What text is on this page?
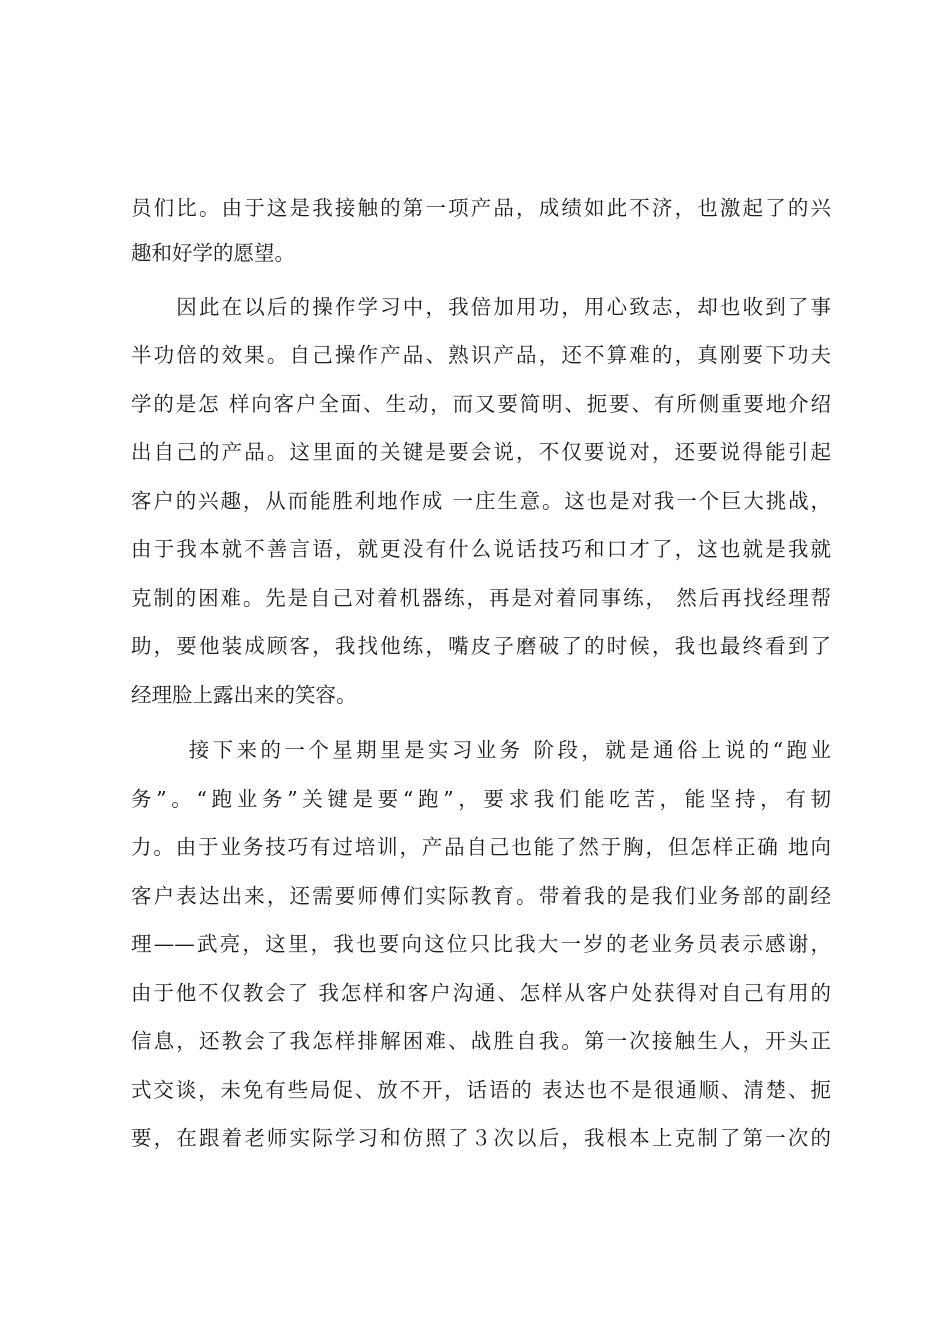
员们比。由于这是我接触的第一项产品，成绩如此不济，也激起了的兴
趣和好学的愿望。
　　因此在以后的操作学习中，我倍加用功，用心致志，却也收到了事
半功倍的效果。自己操作产品、熟识产品，还不算难的，真刚要下功夫
学的是怎 样向客户全面、生动，而又要简明、扼要、有所侧重要地介绍
出自己的产品。这里面的关键是要会说，不仅要说对，还要说得能引起
客户的兴趣，从而能胜利地作成 一庄生意。这也是对我一个巨大挑战，
由于我本就不善言语，就更没有什么说话技巧和口才了，这也就是我就
克制的困难。先是自己对着机器练，再是对着同事练， 然后再找经理帮
助，要他装成顾客，我找他练，嘴皮子磨破了的时候，我也最终看到了
经理脸上露出来的笑容。
　　 接下来的一个星期里是实习业务 阶段，就是通俗上说的“跑业
务”。“跑业务”关键是要“跑”，要求我们能吃苦，能坚持，有韧
力。由于业务技巧有过培训，产品自己也能了然于胸，但怎样正确 地向
客户表达出来，还需要师傅们实际教育。带着我的是我们业务部的副经
理——武亮，这里，我也要向这位只比我大一岁的老业务员表示感谢，
由于他不仅教会了 我怎样和客户沟通、怎样从客户处获得对自己有用的
信息，还教会了我怎样排解困难、战胜自我。第一次接触生人，开头正
式交谈，未免有些局促、放不开，话语的 表达也不是很通顺、清楚、扼
要，在跟着老师实际学习和仿照了３次以后，我根本上克制了第一次的
